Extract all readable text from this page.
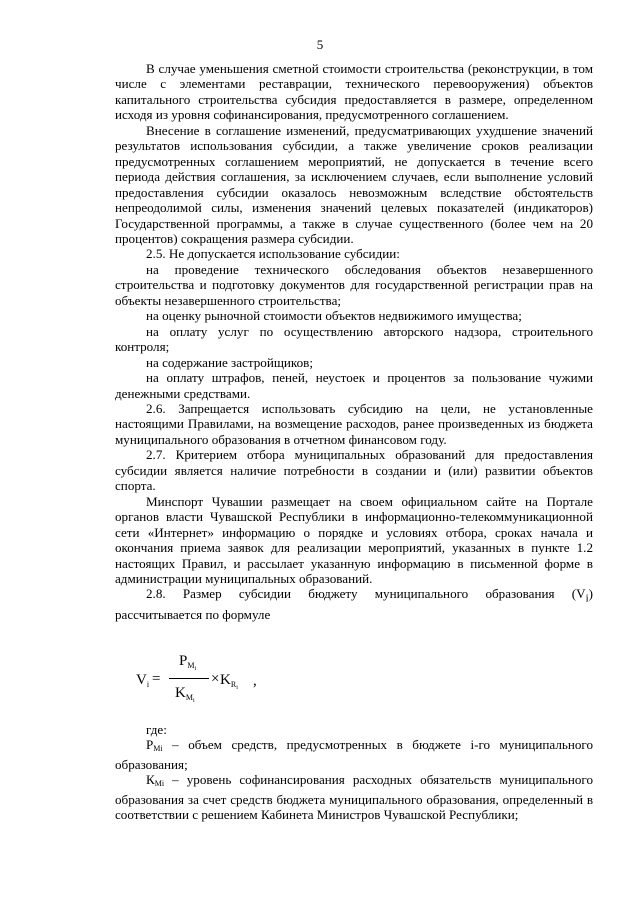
5

В случае уменьшения сметной стоимости строительства (реконструкции, в том числе с элементами реставрации, технического перевооружения) объектов капитального строительства субсидия предоставляется в размере, определенном исходя из уровня софинансирования, предусмотренного соглашением.

Внесение в соглашение изменений, предусматривающих ухудшение значений результатов использования субсидии, а также увеличение сроков реализации предусмотренных соглашением мероприятий, не допускается в течение всего периода действия соглашения, за исключением случаев, если выполнение условий предоставления субсидии оказалось невозможным вследствие обстоятельств непреодолимой силы, изменения значений целевых показателей (индикаторов) Государственной программы, а также в случае существенного (более чем на 20 процентов) сокращения размера субсидии.

2.5. Не допускается использование субсидии:

на проведение технического обследования объектов незавершенного строительства и подготовку документов для государственной регистрации прав на объекты незавершенного строительства;

на оценку рыночной стоимости объектов недвижимого имущества;

на оплату услуг по осуществлению авторского надзора, строительного контроля;

на содержание застройщиков;

на оплату штрафов, пеней, неустоек и процентов за пользование чужими денежными средствами.

2.6. Запрещается использовать субсидию на цели, не установленные настоящими Правилами, на возмещение расходов, ранее произведенных из бюджета муниципального образования в отчетном финансовом году.

2.7. Критерием отбора муниципальных образований для предоставления субсидии является наличие потребности в создании и (или) развитии объектов спорта.

Минспорт Чувашии размещает на своем официальном сайте на Портале органов власти Чувашской Республики в информационно-телекоммуникационной сети «Интернет» информацию о порядке и условиях отбора, сроках начала и окончания приема заявок для реализации мероприятий, указанных в пункте 1.2 настоящих Правил, и рассылает указанную информацию в письменной форме в администрации муниципальных образований.

2.8. Размер субсидии бюджету муниципального образования $(V_i)$ рассчитывается по формуле

$V_i$ =
$P_{M_i}$
$K_{M_i}$
× $K_{R_i}$ ,

где:

$Р_{Мi}$ – объем средств, предусмотренных в бюджете i-го муниципального образования;

$К_{Мi}$ – уровень софинансирования расходных обязательств муниципального образования за счет средств бюджета муниципального образования, определенный в соответствии с решением Кабинета Министров Чувашской Республики;
